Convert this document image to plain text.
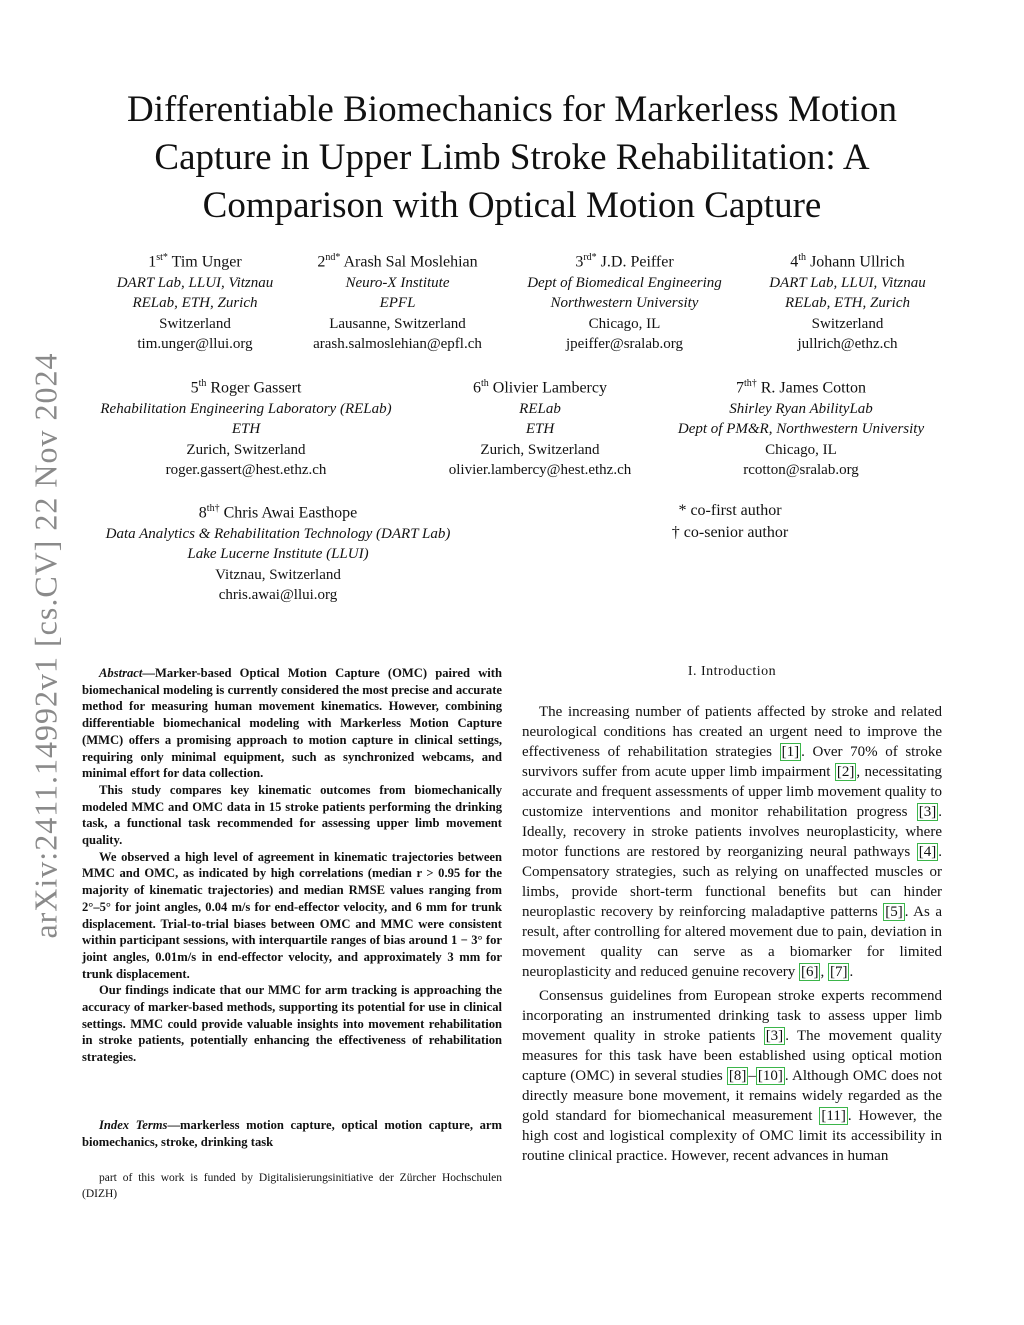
arXiv:2411.14992v1 [cs.CV] 22 Nov 2024
Differentiable Biomechanics for Markerless Motion
Capture in Upper Limb Stroke Rehabilitation: A
Comparison with Optical Motion Capture
$1^{st*}$ Tim Unger
DART Lab, LLUI, Vitznau
RELab, ETH, Zurich
Switzerland
tim.unger@llui.org
$2^{nd*}$ Arash Sal Moslehian
Neuro-X Institute
EPFL
Lausanne, Switzerland
arash.salmoslehian@epfl.ch
$3^{rd*}$ J.D. Peiffer
Dept of Biomedical Engineering
Northwestern University
Chicago, IL
jpeiffer@sralab.org
4th Johann Ullrich
DART Lab, LLUI, Vitznau
RELab, ETH, Zurich
Switzerland
jullrich@ethz.ch
5th Roger Gassert
Rehabilitation Engineering Laboratory (RELab)
ETH
Zurich, Switzerland
roger.gassert@hest.ethz.ch
6th Olivier Lambercy
RELab
ETH
Zurich, Switzerland
olivier.lambercy@hest.ethz.ch
$7^{th\dagger}$ R. James Cotton
Shirley Ryan AbilityLab
Dept of PM&R, Northwestern University
Chicago, IL
rcotton@sralab.org
$8^{th\dagger}$ Chris Awai Easthope
Data Analytics & Rehabilitation Technology (DART Lab)
Lake Lucerne Institute (LLUI)
Vitznau, Switzerland
chris.awai@llui.org
* co-first author
† co-senior author

Abstract—Marker-based Optical Motion Capture (OMC) paired with biomechanical modeling is currently considered the most precise and accurate method for measuring human movement kinematics. However, combining differentiable biomechanical modeling with Markerless Motion Capture (MMC) offers a promising approach to motion capture in clinical settings, requiring only minimal equipment, such as synchronized webcams, and minimal effort for data collection.

This study compares key kinematic outcomes from biomechanically modeled MMC and OMC data in 15 stroke patients performing the drinking task, a functional task recommended for assessing upper limb movement quality.

We observed a high level of agreement in kinematic trajectories between MMC and OMC, as indicated by high correlations (median r > 0.95 for the majority of kinematic trajectories) and median RMSE values ranging from 2°–5° for joint angles, 0.04 m/s for end-effector velocity, and 6 mm for trunk displacement. Trial-to-trial biases between OMC and MMC were consistent within participant sessions, with interquartile ranges of bias around 1 − 3° for joint angles, 0.01m/s in end-effector velocity, and approximately 3 mm for trunk displacement.

Our findings indicate that our MMC for arm tracking is approaching the accuracy of marker-based methods, supporting its potential for use in clinical settings. MMC could provide valuable insights into movement rehabilitation in stroke patients, potentially enhancing the effectiveness of rehabilitation strategies.

Index Terms—markerless motion capture, optical motion capture, arm biomechanics, stroke, drinking task
part of this work is funded by Digitalisierungsinitiative der Zürcher Hochschulen (DIZH)
I. Introduction

The increasing number of patients affected by stroke and related neurological conditions has created an urgent need to improve the effectiveness of rehabilitation strategies [1] . Over 70% of stroke survivors suffer from acute upper limb impairment [2] , necessitating accurate and frequent assessments of upper limb movement quality to customize interventions and monitor rehabilitation progress [3] . Ideally, recovery in stroke patients involves neuroplasticity, where motor functions are restored by reorganizing neural pathways [4] . Compensatory strategies, such as relying on unaffected muscles or limbs, provide short-term functional benefits but can hinder neuroplastic recovery by reinforcing maladaptive patterns [5] . As a result, after controlling for altered movement due to pain, deviation in movement quality can serve as a biomarker for limited neuroplasticity and reduced genuine recovery [6] , [7] .

Consensus guidelines from European stroke experts recommend incorporating an instrumented drinking task to assess upper limb movement quality in stroke patients [3] . The movement quality measures for this task have been established using optical motion capture (OMC) in several studies [8] – [10] . Although OMC does not directly measure bone movement, it remains widely regarded as the gold standard for biomechanical measurement [11] . However, the high cost and logistical complexity of OMC limit its accessibility in routine clinical practice. However, recent advances in human
